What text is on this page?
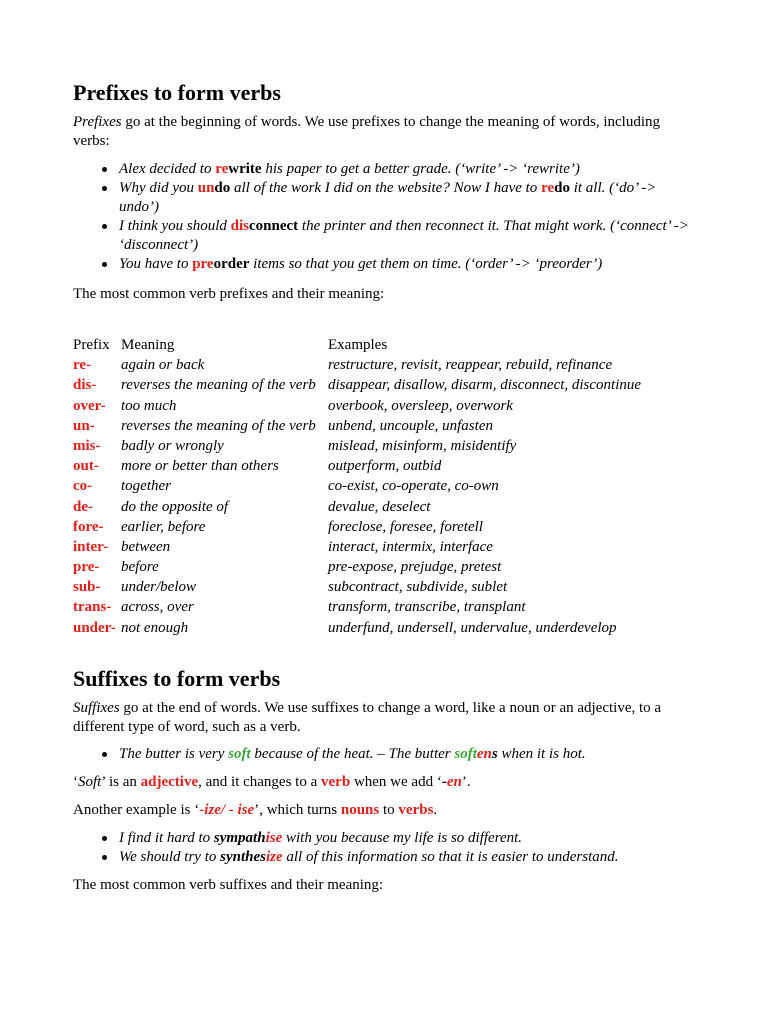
Prefixes to form verbs

Prefixes go at the beginning of words. We use prefixes to change the meaning of words, including verbs:

Alex decided to rewrite his paper to get a better grade. (‘write’ -> ‘rewrite’)
Why did you undo all of the work I did on the website? Now I have to redo it all. (‘do’ -> undo’)
I think you should disconnect the printer and then reconnect it. That might work. (‘connect’ -> ‘disconnect’)
You have to preorder items so that you get them on time. (‘order’ -> ‘preorder’)

The most common verb prefixes and their meaning:

Prefix	Meaning	Examples
re-	again or back	restructure, revisit, reappear, rebuild, refinance
dis-	reverses the meaning of the verb	disappear, disallow, disarm, disconnect, discontinue
over-	too much	overbook, oversleep, overwork
un-	reverses the meaning of the verb	unbend, uncouple, unfasten
mis-	badly or wrongly	mislead, misinform, misidentify
out-	more or better than others	outperform, outbid
co-	together	co-exist, co-operate, co-own
de-	do the opposite of	devalue, deselect
fore-	earlier, before	foreclose, foresee, foretell
inter-	between	interact, intermix, interface
pre-	before	pre-expose, prejudge, pretest
sub-	under/below	subcontract, subdivide, sublet
trans-	across, over	transform, transcribe, transplant
under-	not enough	underfund, undersell, undervalue, underdevelop
Suffixes to form verbs

Suffixes go at the end of words. We use suffixes to change a word, like a noun or an adjective, to a different type of word, such as a verb.

The butter is very soft because of the heat. – The butter softens when it is hot.

‘Soft’ is an adjective, and it changes to a verb when we add ‘-en’.

Another example is ‘-ize/ - ise’, which turns nouns to verbs.

I find it hard to sympathise with you because my life is so different.
We should try to synthesize all of this information so that it is easier to understand.

The most common verb suffixes and their meaning:
